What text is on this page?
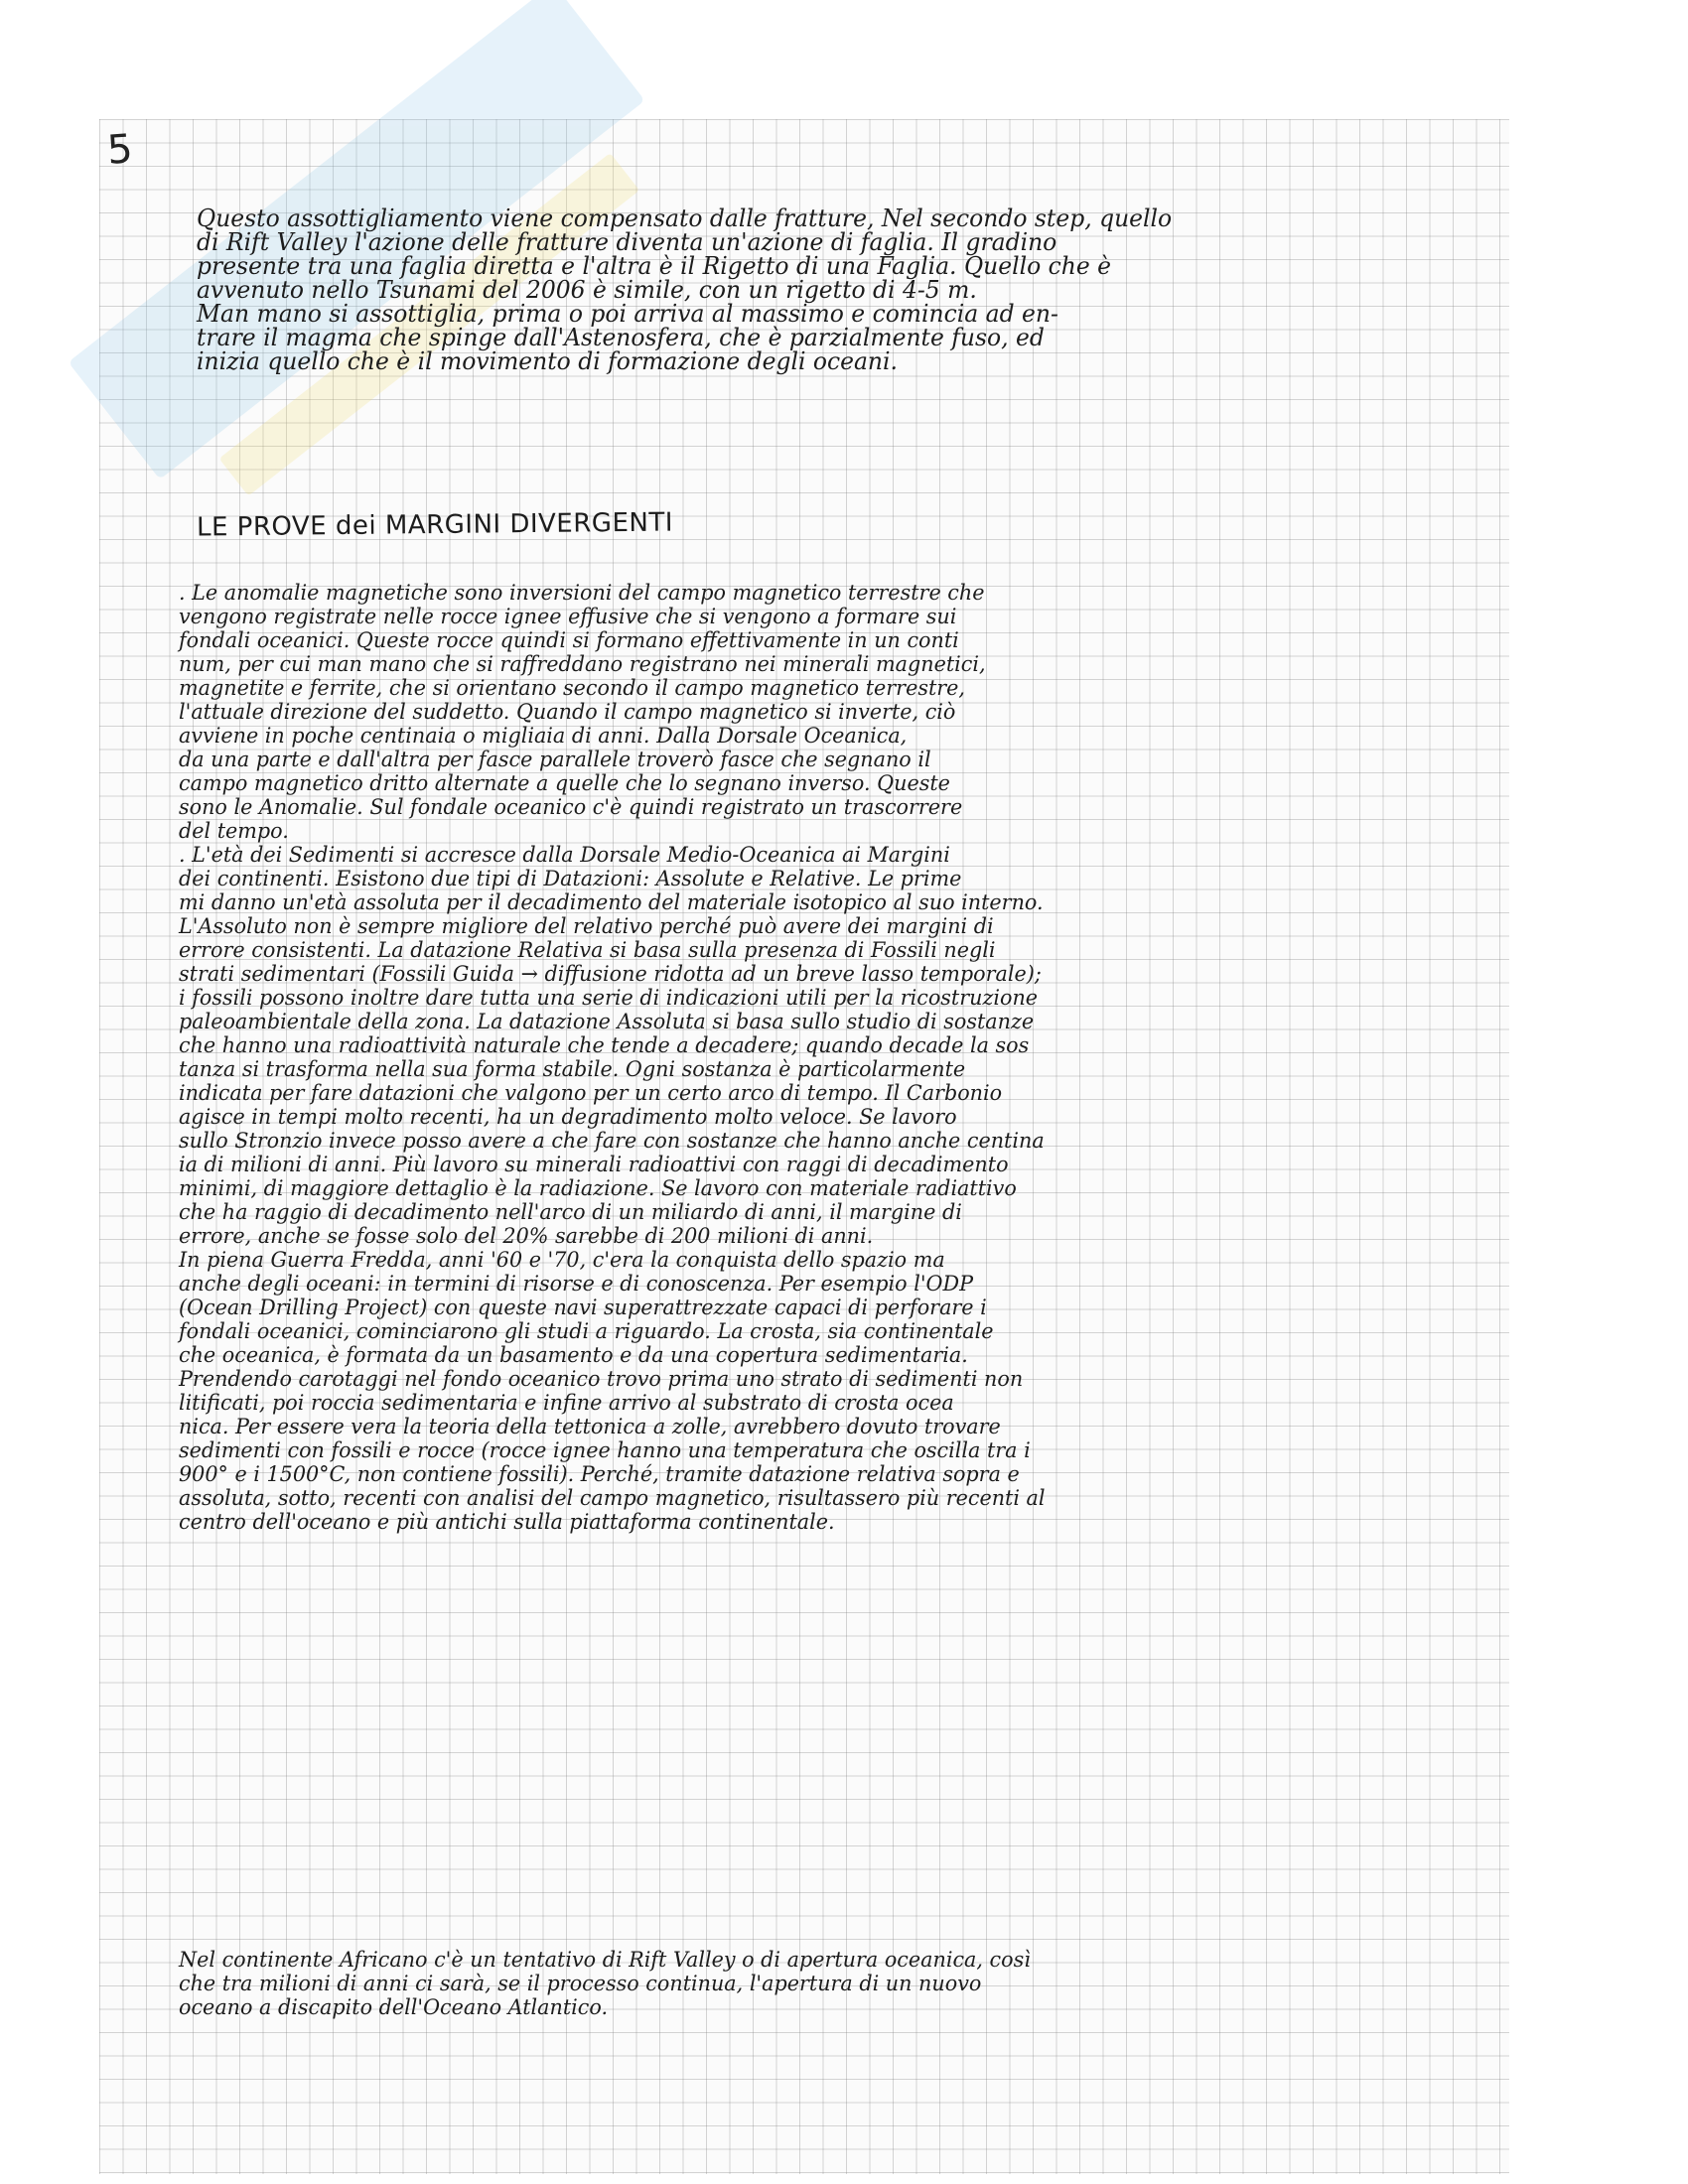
5
Questo assottigliamento viene compensato dalle fratture, Nel secondo step, quello
di Rift Valley l'azione delle fratture diventa un'azione di faglia. Il gradino
presente tra una faglia diretta e l'altra è il Rigetto di una Faglia. Quello che è
avvenuto nello Tsunami del 2006 è simile, con un rigetto di 4-5 m.
Man mano si assottiglia, prima o poi arriva al massimo e comincia ad en-
trare il magma che spinge dall'Astenosfera, che è parzialmente fuso, ed
inizia quello che è il movimento di formazione degli oceani.
LE PROVE dei MARGINI DIVERGENTI
. Le anomalie magnetiche sono inversioni del campo magnetico terrestre che
vengono registrate nelle rocce ignee effusive che si vengono a formare sui
fondali oceanici. Queste rocce quindi si formano effettivamente in un conti
num, per cui man mano che si raffreddano registrano nei minerali magnetici,
magnetite e ferrite, che si orientano secondo il campo magnetico terrestre,
l'attuale direzione del suddetto. Quando il campo magnetico si inverte, ciò
avviene in poche centinaia o migliaia di anni. Dalla Dorsale Oceanica,
da una parte e dall'altra per fasce parallele troverò fasce che segnano il
campo magnetico dritto alternate a quelle che lo segnano inverso. Queste
sono le Anomalie. Sul fondale oceanico c'è quindi registrato un trascorrere
del tempo.
. L'età dei Sedimenti si accresce dalla Dorsale Medio-Oceanica ai Margini
dei continenti. Esistono due tipi di Datazioni: Assolute e Relative. Le prime
mi danno un'età assoluta per il decadimento del materiale isotopico al suo interno.
L'Assoluto non è sempre migliore del relativo perché può avere dei margini di
errore consistenti. La datazione Relativa si basa sulla presenza di Fossili negli
strati sedimentari (Fossili Guida → diffusione ridotta ad un breve lasso temporale);
i fossili possono inoltre dare tutta una serie di indicazioni utili per la ricostruzione
paleoambientale della zona. La datazione Assoluta si basa sullo studio di sostanze
che hanno una radioattività naturale che tende a decadere; quando decade la sos
tanza si trasforma nella sua forma stabile. Ogni sostanza è particolarmente
indicata per fare datazioni che valgono per un certo arco di tempo. Il Carbonio
agisce in tempi molto recenti, ha un degradimento molto veloce. Se lavoro
sullo Stronzio invece posso avere a che fare con sostanze che hanno anche centina
ia di milioni di anni. Più lavoro su minerali radioattivi con raggi di decadimento
minimi, di maggiore dettaglio è la radiazione. Se lavoro con materiale radiattivo
che ha raggio di decadimento nell'arco di un miliardo di anni, il margine di
errore, anche se fosse solo del 20% sarebbe di 200 milioni di anni.
In piena Guerra Fredda, anni '60 e '70, c'era la conquista dello spazio ma
anche degli oceani: in termini di risorse e di conoscenza. Per esempio l'ODP
(Ocean Drilling Project) con queste navi superattrezzate capaci di perforare i
fondali oceanici, cominciarono gli studi a riguardo. La crosta, sia continentale
che oceanica, è formata da un basamento e da una copertura sedimentaria.
Prendendo carotaggi nel fondo oceanico trovo prima uno strato di sedimenti non
litificati, poi roccia sedimentaria e infine arrivo al substrato di crosta ocea
nica. Per essere vera la teoria della tettonica a zolle, avrebbero dovuto trovare
sedimenti con fossili e rocce (rocce ignee hanno una temperatura che oscilla tra i
900° e i 1500°C, non contiene fossili). Perché, tramite datazione relativa sopra e
assoluta, sotto, recenti con analisi del campo magnetico, risultassero più recenti al
centro dell'oceano e più antichi sulla piattaforma continentale.
Nel continente Africano c'è un tentativo di Rift Valley o di apertura oceanica, così
che tra milioni di anni ci sarà, se il processo continua, l'apertura di un nuovo
oceano a discapito dell'Oceano Atlantico.
